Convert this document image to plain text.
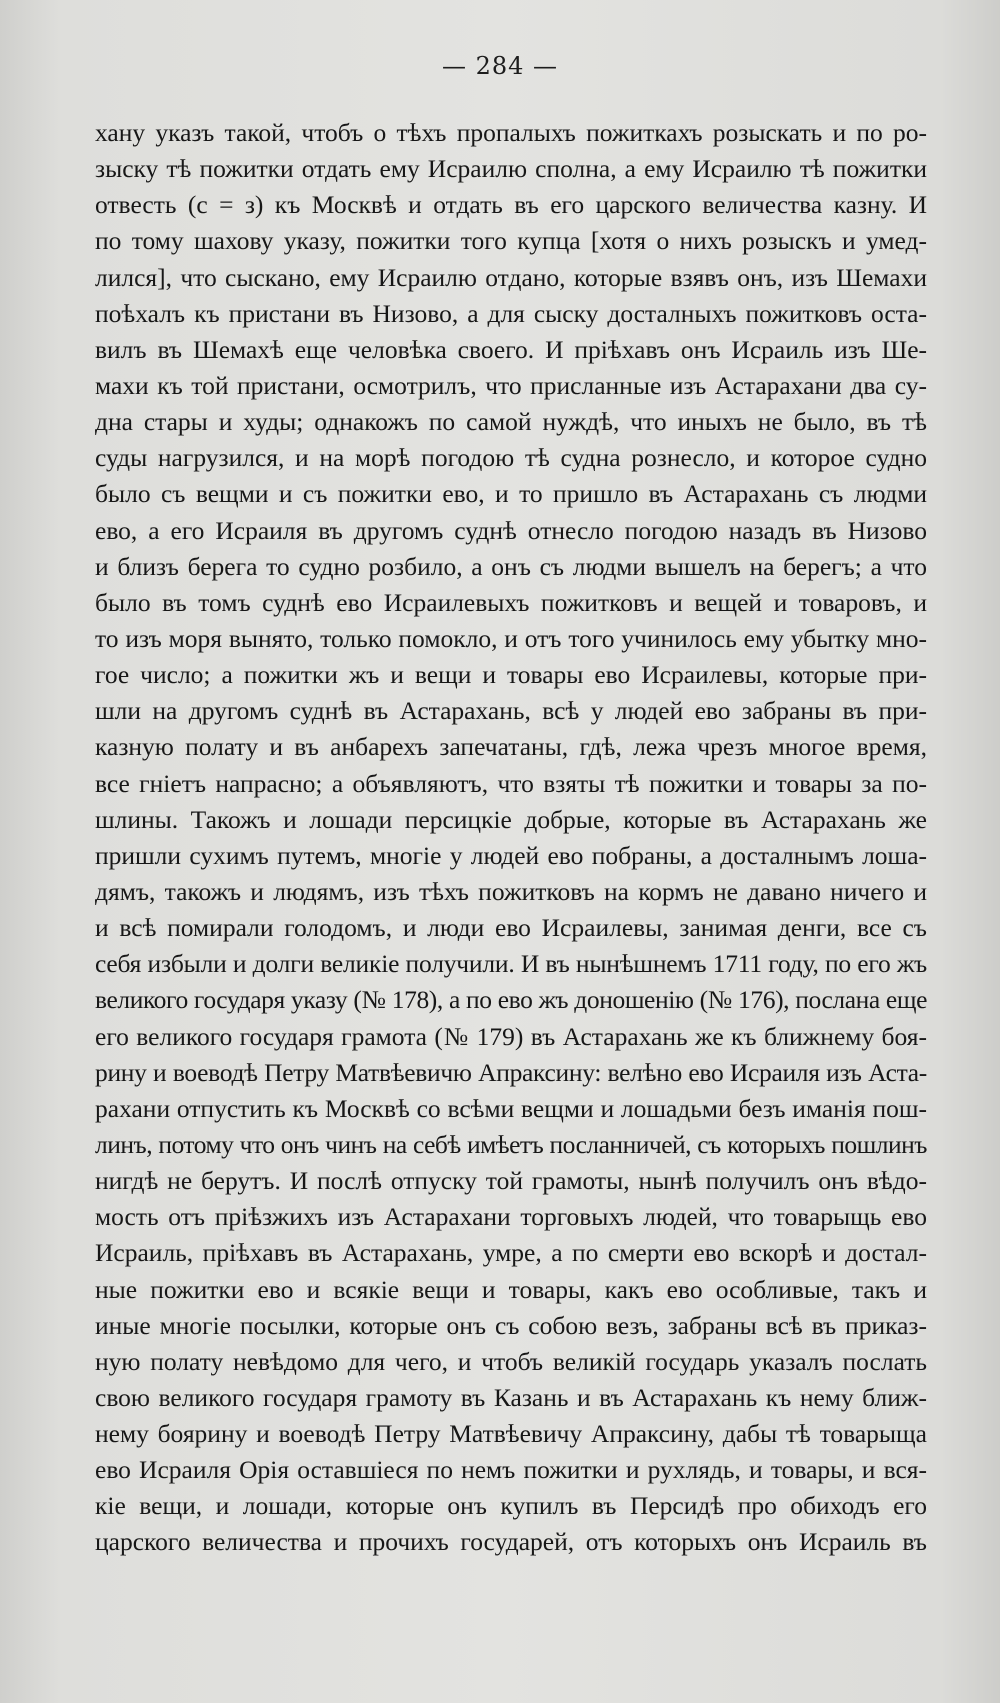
— 284 —
хану указъ такой, чтобъ о тѣхъ пропалыхъ пожиткахъ розыскать и по ро-
зыску тѣ пожитки отдать ему Исраилю сполна, а ему Исраилю тѣ пожитки
отвесть (с = з) къ Москвѣ и отдать въ его царского величества казну. И
по тому шахову указу, пожитки того купца [хотя о нихъ розыскъ и умед-
лился], что сыскано, ему Исраилю отдано, которые взявъ онъ, изъ Шемахи
поѣхалъ къ пристани въ Низово, а для сыску досталныхъ пожитковъ оста-
вилъ въ Шемахѣ еще человѣка своего. И пріѣхавъ онъ Исраиль изъ Ше-
махи къ той пристани, осмотрилъ, что присланные изъ Астарахани два су-
дна стары и худы; однакожъ по самой нуждѣ, что иныхъ не было, въ тѣ
суды нагрузился, и на морѣ погодою тѣ судна рознесло, и которое судно
было съ вещми и съ пожитки ево, и то пришло въ Астарахань съ людми
ево, а его Исраиля въ другомъ суднѣ отнесло погодою назадъ въ Низово
и близъ берега то судно розбило, а онъ съ людми вышелъ на берегъ; а что
было въ томъ суднѣ ево Исраилевыхъ пожитковъ и вещей и товаровъ, и
то изъ моря вынято, только помокло, и отъ того учинилось ему убытку мно-
гое число; а пожитки жъ и вещи и товары ево Исраилевы, которые при-
шли на другомъ суднѣ въ Астарахань, всѣ у людей ево забраны въ при-
казную полату и въ анбарехъ запечатаны, гдѣ, лежа чрезъ многое время,
все гніетъ напрасно; а объявляютъ, что взяты тѣ пожитки и товары за по-
шлины. Такожъ и лошади персицкіе добрые, которые въ Астарахань же
пришли сухимъ путемъ, многіе у людей ево побраны, а досталнымъ лоша-
дямъ, такожъ и людямъ, изъ тѣхъ пожитковъ на кормъ не давано ничего и
и всѣ помирали голодомъ, и люди ево Исраилевы, занимая денги, все съ
себя избыли и долги великіе получили. И въ нынѣшнемъ 1711 году, по его жъ
великого государя указу (№ 178), а по ево жъ доношенію (№ 176), послана еще
его великого государя грамота (№ 179) въ Астарахань же къ ближнему боя-
рину и воеводѣ Петру Матвѣевичю Апраксину: велѣно ево Исраиля изъ Аста-
рахани отпустить къ Москвѣ со всѣми вещми и лошадьми безъ иманія пош-
линъ, потому что онъ чинъ на себѣ имѣетъ посланничей, съ которыхъ пошлинъ
нигдѣ не берутъ. И послѣ отпуску той грамоты, нынѣ получилъ онъ вѣдо-
мость отъ пріѣзжихъ изъ Астарахани торговыхъ людей, что товарыщь ево
Исраиль, пріѣхавъ въ Астарахань, умре, а по смерти ево вскорѣ и достал-
ные пожитки ево и всякіе вещи и товары, какъ ево особливые, такъ и
иные многіе посылки, которые онъ съ собою везъ, забраны всѣ въ приказ-
ную полату невѣдомо для чего, и чтобъ великій государь указалъ послать
свою великого государя грамоту въ Казань и въ Астарахань къ нему ближ-
нему боярину и воеводѣ Петру Матвѣевичу Апраксину, дабы тѣ товарыща
ево Исраиля Орія оставшіеся по немъ пожитки и рухлядь, и товары, и вся-
кіе вещи, и лошади, которые онъ купилъ въ Персидѣ про обиходъ его
царского величества и прочихъ государей, отъ которыхъ онъ Исраиль въ
